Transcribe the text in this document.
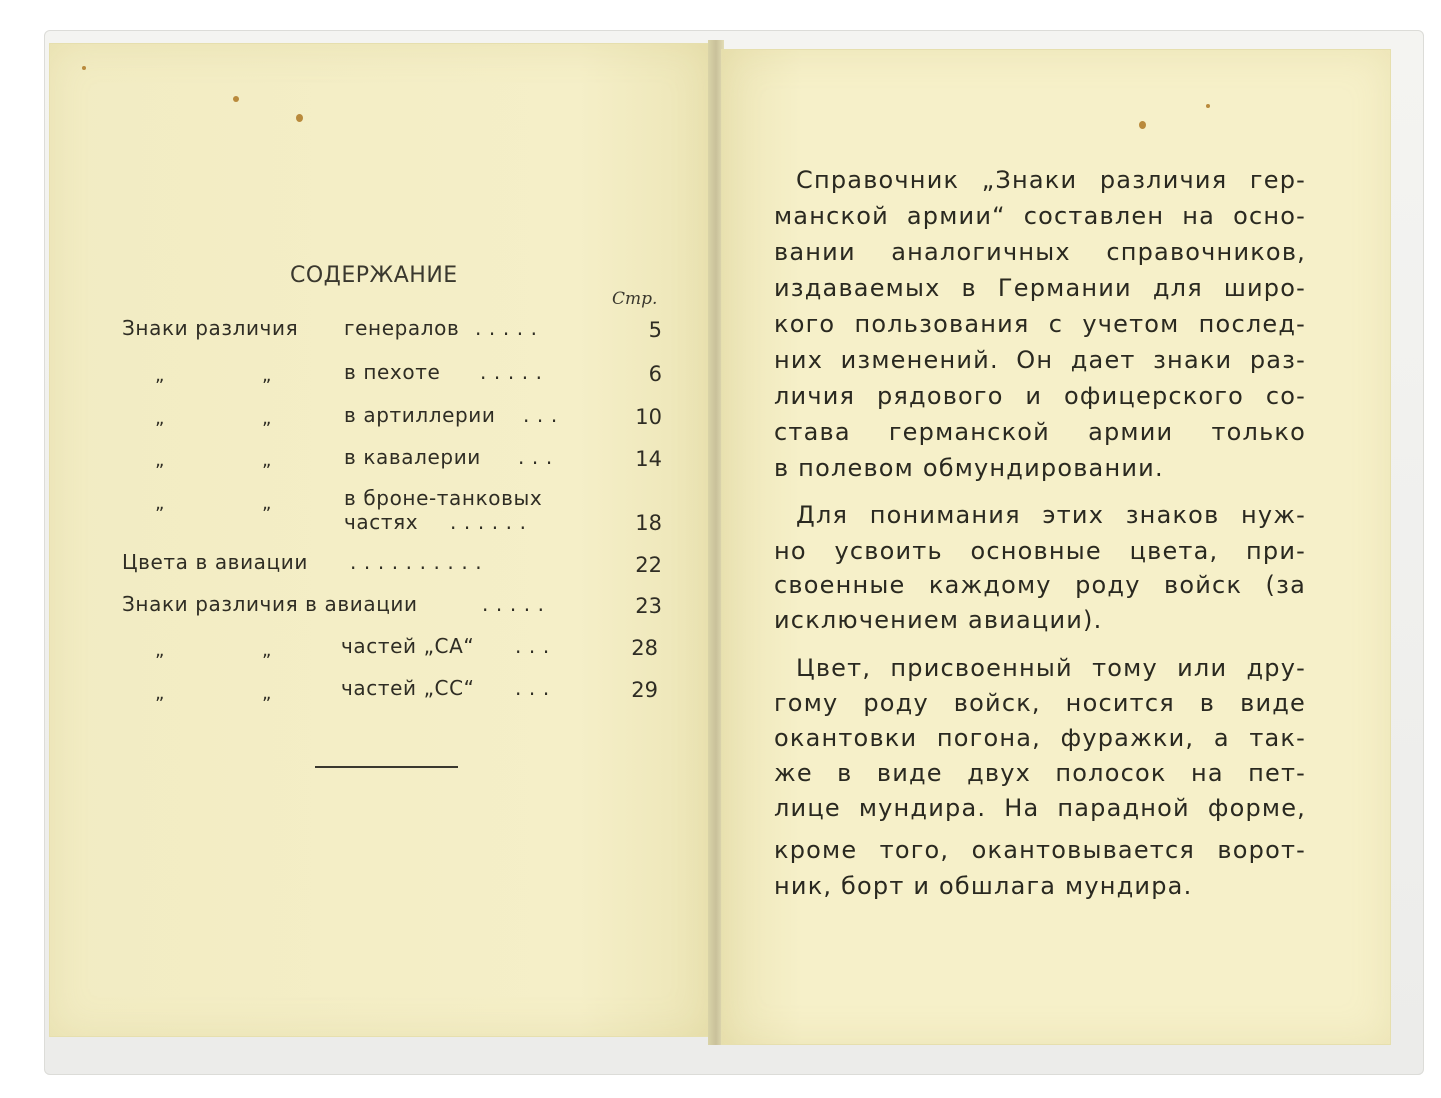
СОДЕРЖАНИЕ
Стр.
Знаки различия генералов . . . . .	5
„	„	в пехоте . . . . .	6
„	„	в артиллерии . . .	10
„	„	в кавалерии . . .	14
„	„	в броне-танковых
частях . . . . . .	18
Цвета в авиации . . . . . . . . . .	22
Знаки различия в авиации	. . . . .	23
„	„	частей „СА“ . . .	28
„	„	частей „СС“ . . .	29
Справочник „Знаки различия гер-
манской армии“ составлен на осно-
вании аналогичных справочников,
издаваемых в Германии для широ-
кого пользования с учетом послед-
них изменений. Он дает знаки раз-
личия рядового и офицерского со-
става германской армии только
в полевом обмундировании.
Для понимания этих знаков нуж-
но усвоить основные цвета, при-
своенные каждому роду войск (за
исключением авиации).
Цвет, присвоенный тому или дру-
гому роду войск, носится в виде
окантовки погона, фуражки, а так-
же в виде двух полосок на пет-
лице мундира. На парадной форме,
кроме того, окантовывается ворот-
ник, борт и обшлага мундира.
